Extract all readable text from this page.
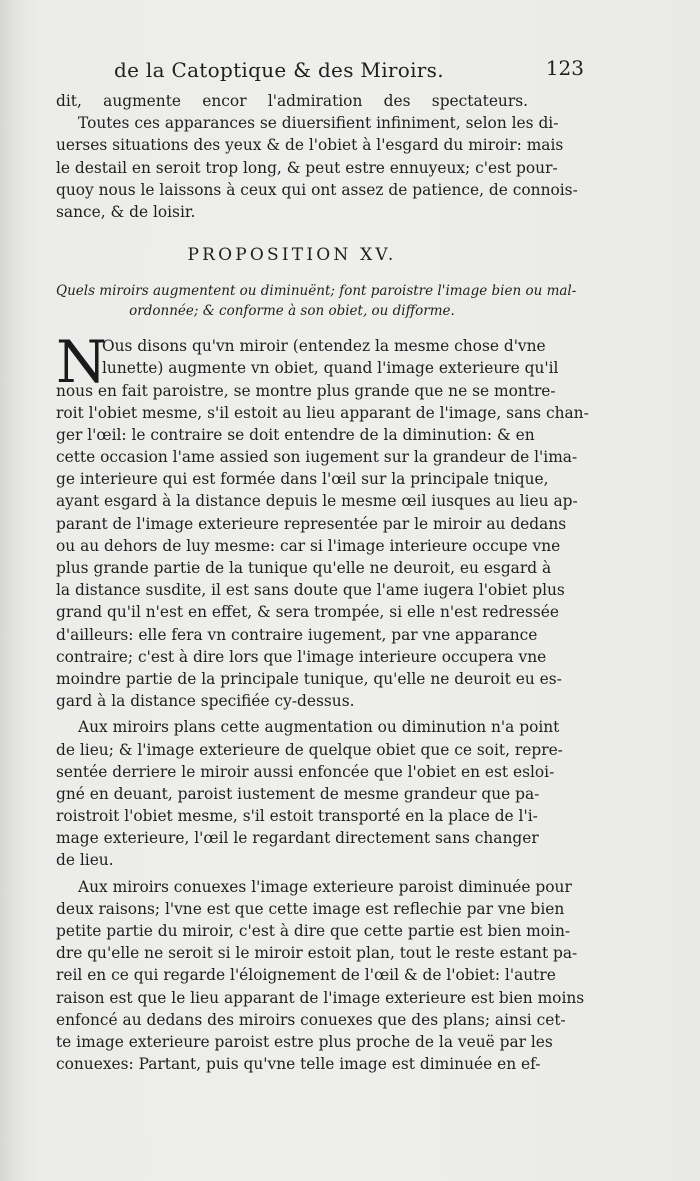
de la Catoptique & des Miroirs.	123
dit, augmente encor l'admiration des spectateurs.
Toutes ces apparances se diuersifient infiniment, selon les di-
uerses situations des yeux & de l'obiet à l'esgard du miroir: mais
le destail en seroit trop long, & peut estre ennuyeux; c'est pour-
quoy nous le laissons à ceux qui ont assez de patience, de connois-
sance, & de loisir.
PROPOSITION XV.
Quels miroirs augmentent ou diminuënt; font paroistre l'image bien ou mal-
ordonnée; & conforme à son obiet, ou difforme.
N
Ous disons qu'vn miroir (entendez la mesme chose d'vne
lunette) augmente vn obiet, quand l'image exterieure qu'il
nous en fait paroistre, se montre plus grande que ne se montre-
roit l'obiet mesme, s'il estoit au lieu apparant de l'image, sans chan-
ger l'œil: le contraire se doit entendre de la diminution: & en
cette occasion l'ame assied son iugement sur la grandeur de l'ima-
ge interieure qui est formée dans l'œil sur la principale tnique,
ayant esgard à la distance depuis le mesme œil iusques au lieu ap-
parant de l'image exterieure representée par le miroir au dedans
ou au dehors de luy mesme: car si l'image interieure occupe vne
plus grande partie de la tunique qu'elle ne deuroit, eu esgard à
la distance susdite, il est sans doute que l'ame iugera l'obiet plus
grand qu'il n'est en effet, & sera trompée, si elle n'est redressée
d'ailleurs: elle fera vn contraire iugement, par vne apparance
contraire; c'est à dire lors que l'image interieure occupera vne
moindre partie de la principale tunique, qu'elle ne deuroit eu es-
gard à la distance specifiée cy-dessus.
Aux miroirs plans cette augmentation ou diminution n'a point
de lieu; & l'image exterieure de quelque obiet que ce soit, repre-
sentée derriere le miroir aussi enfoncée que l'obiet en est esloi-
gné en deuant, paroist iustement de mesme grandeur que pa-
roistroit l'obiet mesme, s'il estoit transporté en la place de l'i-
mage exterieure, l'œil le regardant directement sans changer
de lieu.
Aux miroirs conuexes l'image exterieure paroist diminuée pour
deux raisons; l'vne est que cette image est reflechie par vne bien
petite partie du miroir, c'est à dire que cette partie est bien moin-
dre qu'elle ne seroit si le miroir estoit plan, tout le reste estant pa-
reil en ce qui regarde l'éloignement de l'œil & de l'obiet: l'autre
raison est que le lieu apparant de l'image exterieure est bien moins
enfoncé au dedans des miroirs conuexes que des plans; ainsi cet-
te image exterieure paroist estre plus proche de la veuë par les
conuexes: Partant, puis qu'vne telle image est diminuée en ef-
